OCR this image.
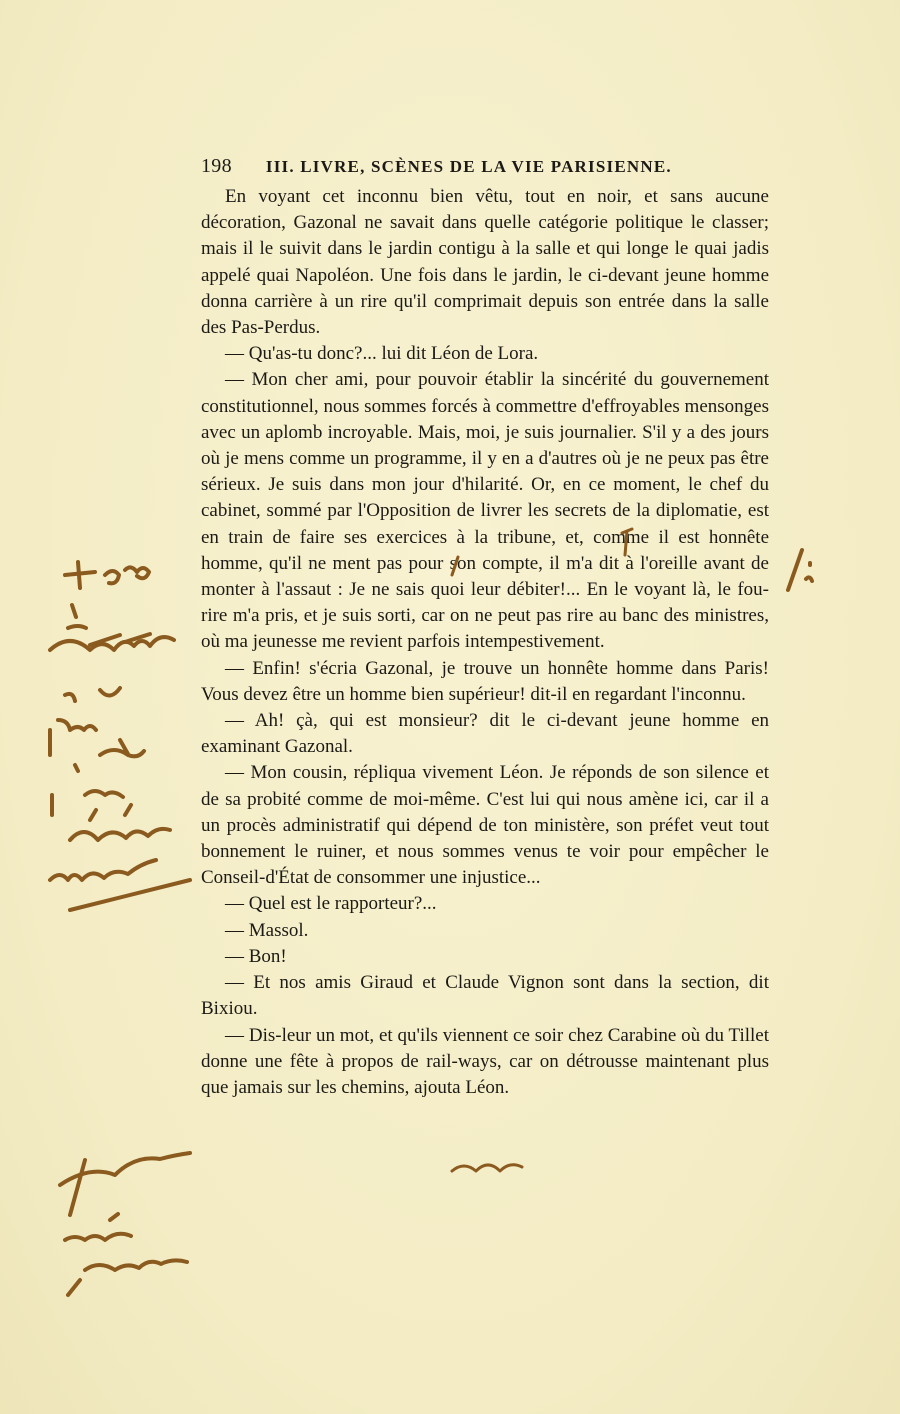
198 III. LIVRE, SCÈNES DE LA VIE PARISIENNE.

En voyant cet inconnu bien vêtu, tout en noir, et sans aucune décoration, Gazonal ne savait dans quelle catégorie politique le classer; mais il le suivit dans le jardin contigu à la salle et qui longe le quai jadis appelé quai Napoléon. Une fois dans le jardin, le ci-devant jeune homme donna carrière à un rire qu'il comprimait depuis son entrée dans la salle des Pas-Perdus.

— Qu'as-tu donc?... lui dit Léon de Lora.

— Mon cher ami, pour pouvoir établir la sincérité du gouvernement constitutionnel, nous sommes forcés à commettre d'effroyables mensonges avec un aplomb incroyable. Mais, moi, je suis journalier. S'il y a des jours où je mens comme un programme, il y en a d'autres où je ne peux pas être sérieux. Je suis dans mon jour d'hilarité. Or, en ce moment, le chef du cabinet, sommé par l'Opposition de livrer les secrets de la diplomatie, est en train de faire ses exercices à la tribune, et, comme il est honnête homme, qu'il ne ment pas pour son compte, il m'a dit à l'oreille avant de monter à l'assaut : Je ne sais quoi leur débiter!... En le voyant là, le fou-rire m'a pris, et je suis sorti, car on ne peut pas rire au banc des ministres, où ma jeunesse me revient parfois intempestivement.

— Enfin! s'écria Gazonal, je trouve un honnête homme dans Paris! Vous devez être un homme bien supérieur! dit-il en regardant l'inconnu.

— Ah! çà, qui est monsieur? dit le ci-devant jeune homme en examinant Gazonal.

— Mon cousin, répliqua vivement Léon. Je réponds de son silence et de sa probité comme de moi-même. C'est lui qui nous amène ici, car il a un procès administratif qui dépend de ton ministère, son préfet veut tout bonnement le ruiner, et nous sommes venus te voir pour empêcher le Conseil-d'État de consommer une injustice...

— Quel est le rapporteur?...

— Massol.

— Bon!

— Et nos amis Giraud et Claude Vignon sont dans la section, dit Bixiou.

— Dis-leur un mot, et qu'ils viennent ce soir chez Carabine où du Tillet donne une fête à propos de rail-ways, car on détrousse maintenant plus que jamais sur les chemins, ajouta Léon.
